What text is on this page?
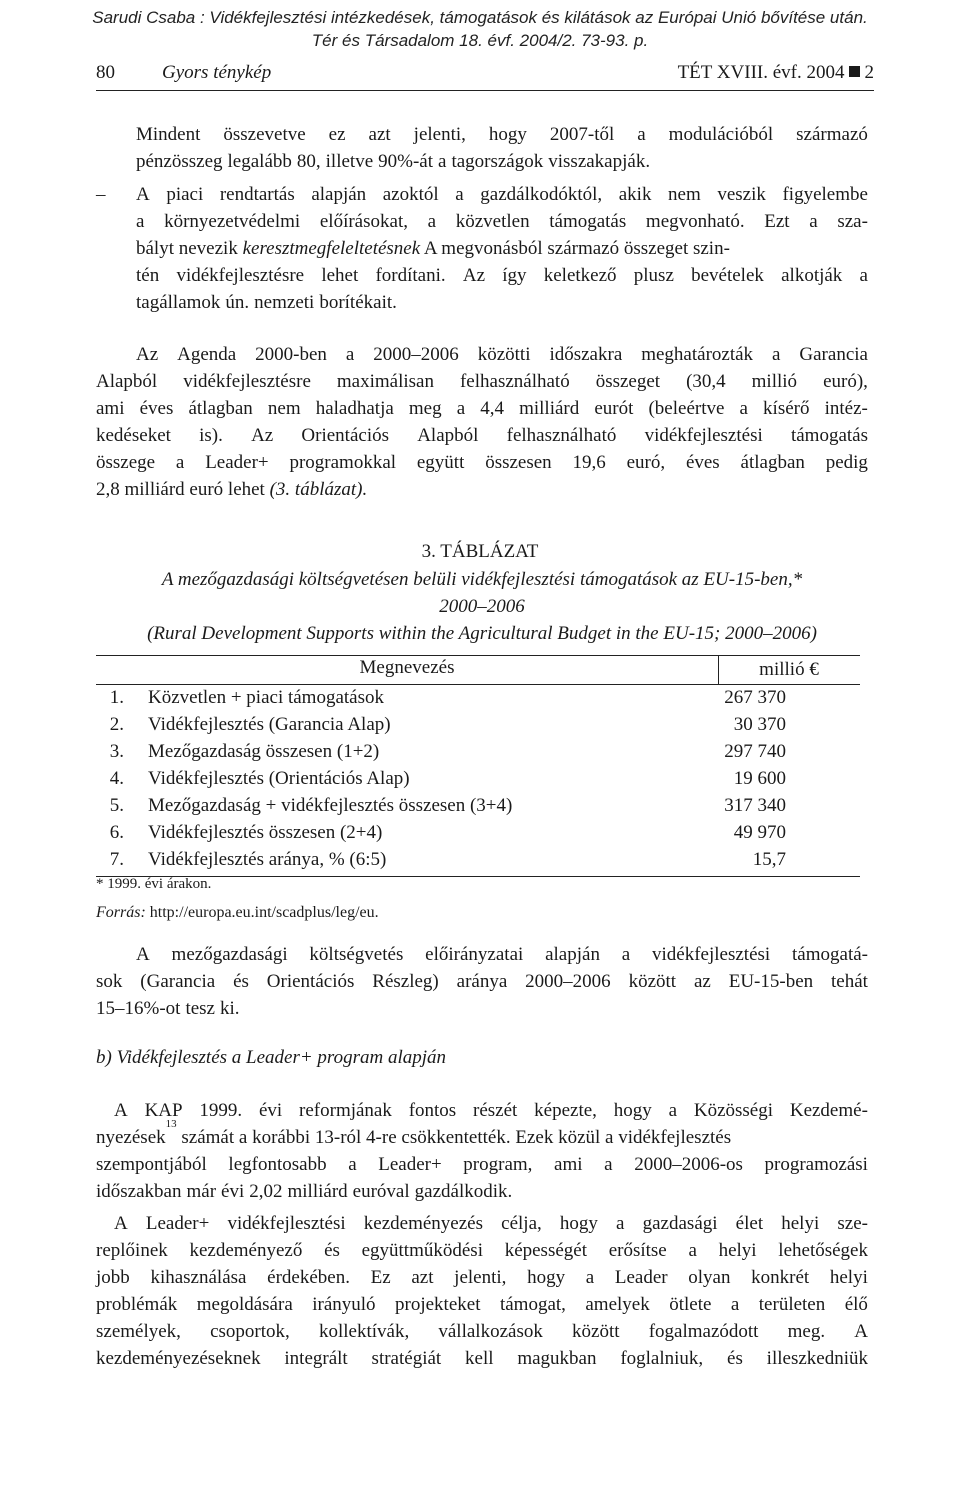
Sarudi Csaba : Vidékfejlesztési intézkedések, támogatások és kilátások az Európai Unió bővítése után.
Tér és Társadalom 18. évf. 2004/2. 73-93. p.
80 Gyors ténykép	TÉT XVIII. évf. 2004 2
Mindent összevetve ez azt jelenti, hogy 2007-től a modulációból származó
pénzösszeg legalább 80, illetve 90%-át a tagországok visszakapják.
– A piaci rendtartás alapján azoktól a gazdálkodóktól, akik nem veszik figyelembe
a környezetvédelmi előírásokat, a közvetlen támogatás megvonható. Ezt a sza-
bályt nevezik keresztmegfeleltetésnek A megvonásból származó összeget szin-
tén vidékfejlesztésre lehet fordítani. Az így keletkező plusz bevételek alkotják a
tagállamok ún. nemzeti borítékait.
Az Agenda 2000-ben a 2000–2006 közötti időszakra meghatározták a Garancia
Alapból vidékfejlesztésre maximálisan felhasználható összeget (30,4 millió euró),
ami éves átlagban nem haladhatja meg a 4,4 milliárd eurót (beleértve a kísérő intéz-
kedéseket is). Az Orientációs Alapból felhasználható vidékfejlesztési támogatás
összege a Leader+ programokkal együtt összesen 19,6 euró, éves átlagban pedig
2,8 milliárd euró lehet (3. táblázat).
3. TÁBLÁZAT
A mezőgazdasági költségvetésen belüli vidékfejlesztési támogatások az EU-15-ben,*
2000–2006
(Rural Development Supports within the Agricultural Budget in the EU-15; 2000–2006)
Megnevezés	millió €
1. Közvetlen + piaci támogatások	267 370
2. Vidékfejlesztés (Garancia Alap)	30 370
3. Mezőgazdaság összesen (1+2)	297 740
4. Vidékfejlesztés (Orientációs Alap)	19 600
5. Mezőgazdaság + vidékfejlesztés összesen (3+4)	317 340
6. Vidékfejlesztés összesen (2+4)	49 970
7. Vidékfejlesztés aránya, % (6:5)	15,7
* 1999. évi árakon.
Forrás: http://europa.eu.int/scadplus/leg/eu.
A mezőgazdasági költségvetés előirányzatai alapján a vidékfejlesztési támogatá-
sok (Garancia és Orientációs Részleg) aránya 2000–2006 között az EU-15-ben tehát
15–16%-ot tesz ki.
b) Vidékfejlesztés a Leader+ program alapján
A KAP 1999. évi reformjának fontos részét képezte, hogy a Közösségi Kezdemé-
nyezések
13
számát a korábbi 13-ról 4-re csökkentették. Ezek közül a vidékfejlesztés
szempontjából legfontosabb a Leader+ program, ami a 2000–2006-os programozási
időszakban már évi 2,02 milliárd euróval gazdálkodik.
A Leader+ vidékfejlesztési kezdeményezés célja, hogy a gazdasági élet helyi sze-
replőinek kezdeményező és együttműködési képességét erősítse a helyi lehetőségek
jobb kihasználása érdekében. Ez azt jelenti, hogy a Leader olyan konkrét helyi
problémák megoldására irányuló projekteket támogat, amelyek ötlete a területen élő
személyek, csoportok, kollektívák, vállalkozások között fogalmazódott meg. A
kezdeményezéseknek integrált stratégiát kell magukban foglalniuk, és illeszkedniük
